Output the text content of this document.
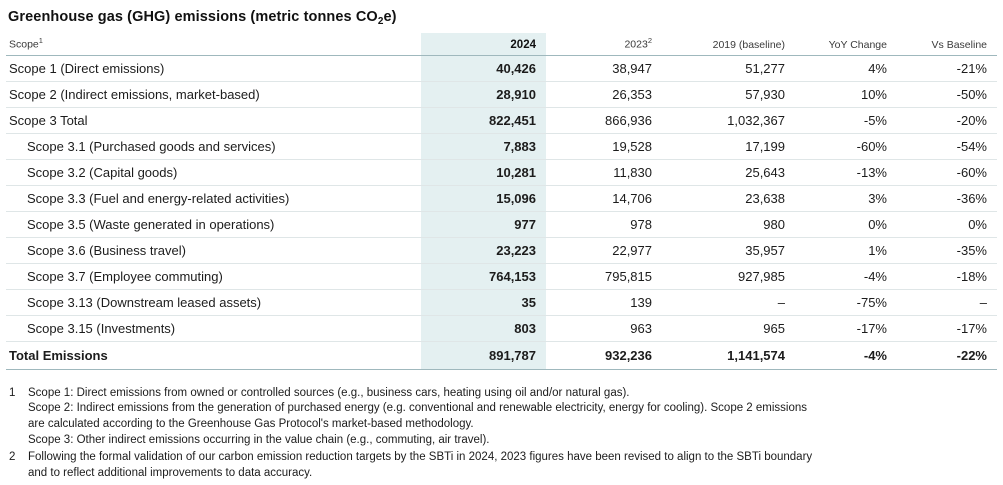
Greenhouse gas (GHG) emissions (metric tonnes $CO_2e$)
Scope$^1$	2024	2023$^2$	2019 (baseline)	YoY Change	Vs Baseline
Scope 1 (Direct emissions)	40,426	38,947	51,277	4%	-21%
Scope 2 (Indirect emissions, market-based)	28,910	26,353	57,930	10%	-50%
Scope 3 Total	822,451	866,936	1,032,367	-5%	-20%
Scope 3.1 (Purchased goods and services)	7,883	19,528	17,199	-60%	-54%
Scope 3.2 (Capital goods)	10,281	11,830	25,643	-13%	-60%
Scope 3.3 (Fuel and energy-related activities)	15,096	14,706	23,638	3%	-36%
Scope 3.5 (Waste generated in operations)	977	978	980	0%	0%
Scope 3.6 (Business travel)	23,223	22,977	35,957	1%	-35%
Scope 3.7 (Employee commuting)	764,153	795,815	927,985	-4%	-18%
Scope 3.13 (Downstream leased assets)	35	139	–	-75%	–
Scope 3.15 (Investments)	803	963	965	-17%	-17%
Total Emissions	891,787	932,236	1,141,574	-4%	-22%
1	Scope 1: Direct emissions from owned or controlled sources (e.g., business cars, heating using oil and/or natural gas).
Scope 2: Indirect emissions from the generation of purchased energy (e.g. conventional and renewable electricity, energy for cooling). Scope 2 emissions
are calculated according to the Greenhouse Gas Protocol's market-based methodology.
Scope 3: Other indirect emissions occurring in the value chain (e.g., commuting, air travel).
2	Following the formal validation of our carbon emission reduction targets by the SBTi in 2024, 2023 figures have been revised to align to the SBTi boundary
and to reflect additional improvements to data accuracy.
